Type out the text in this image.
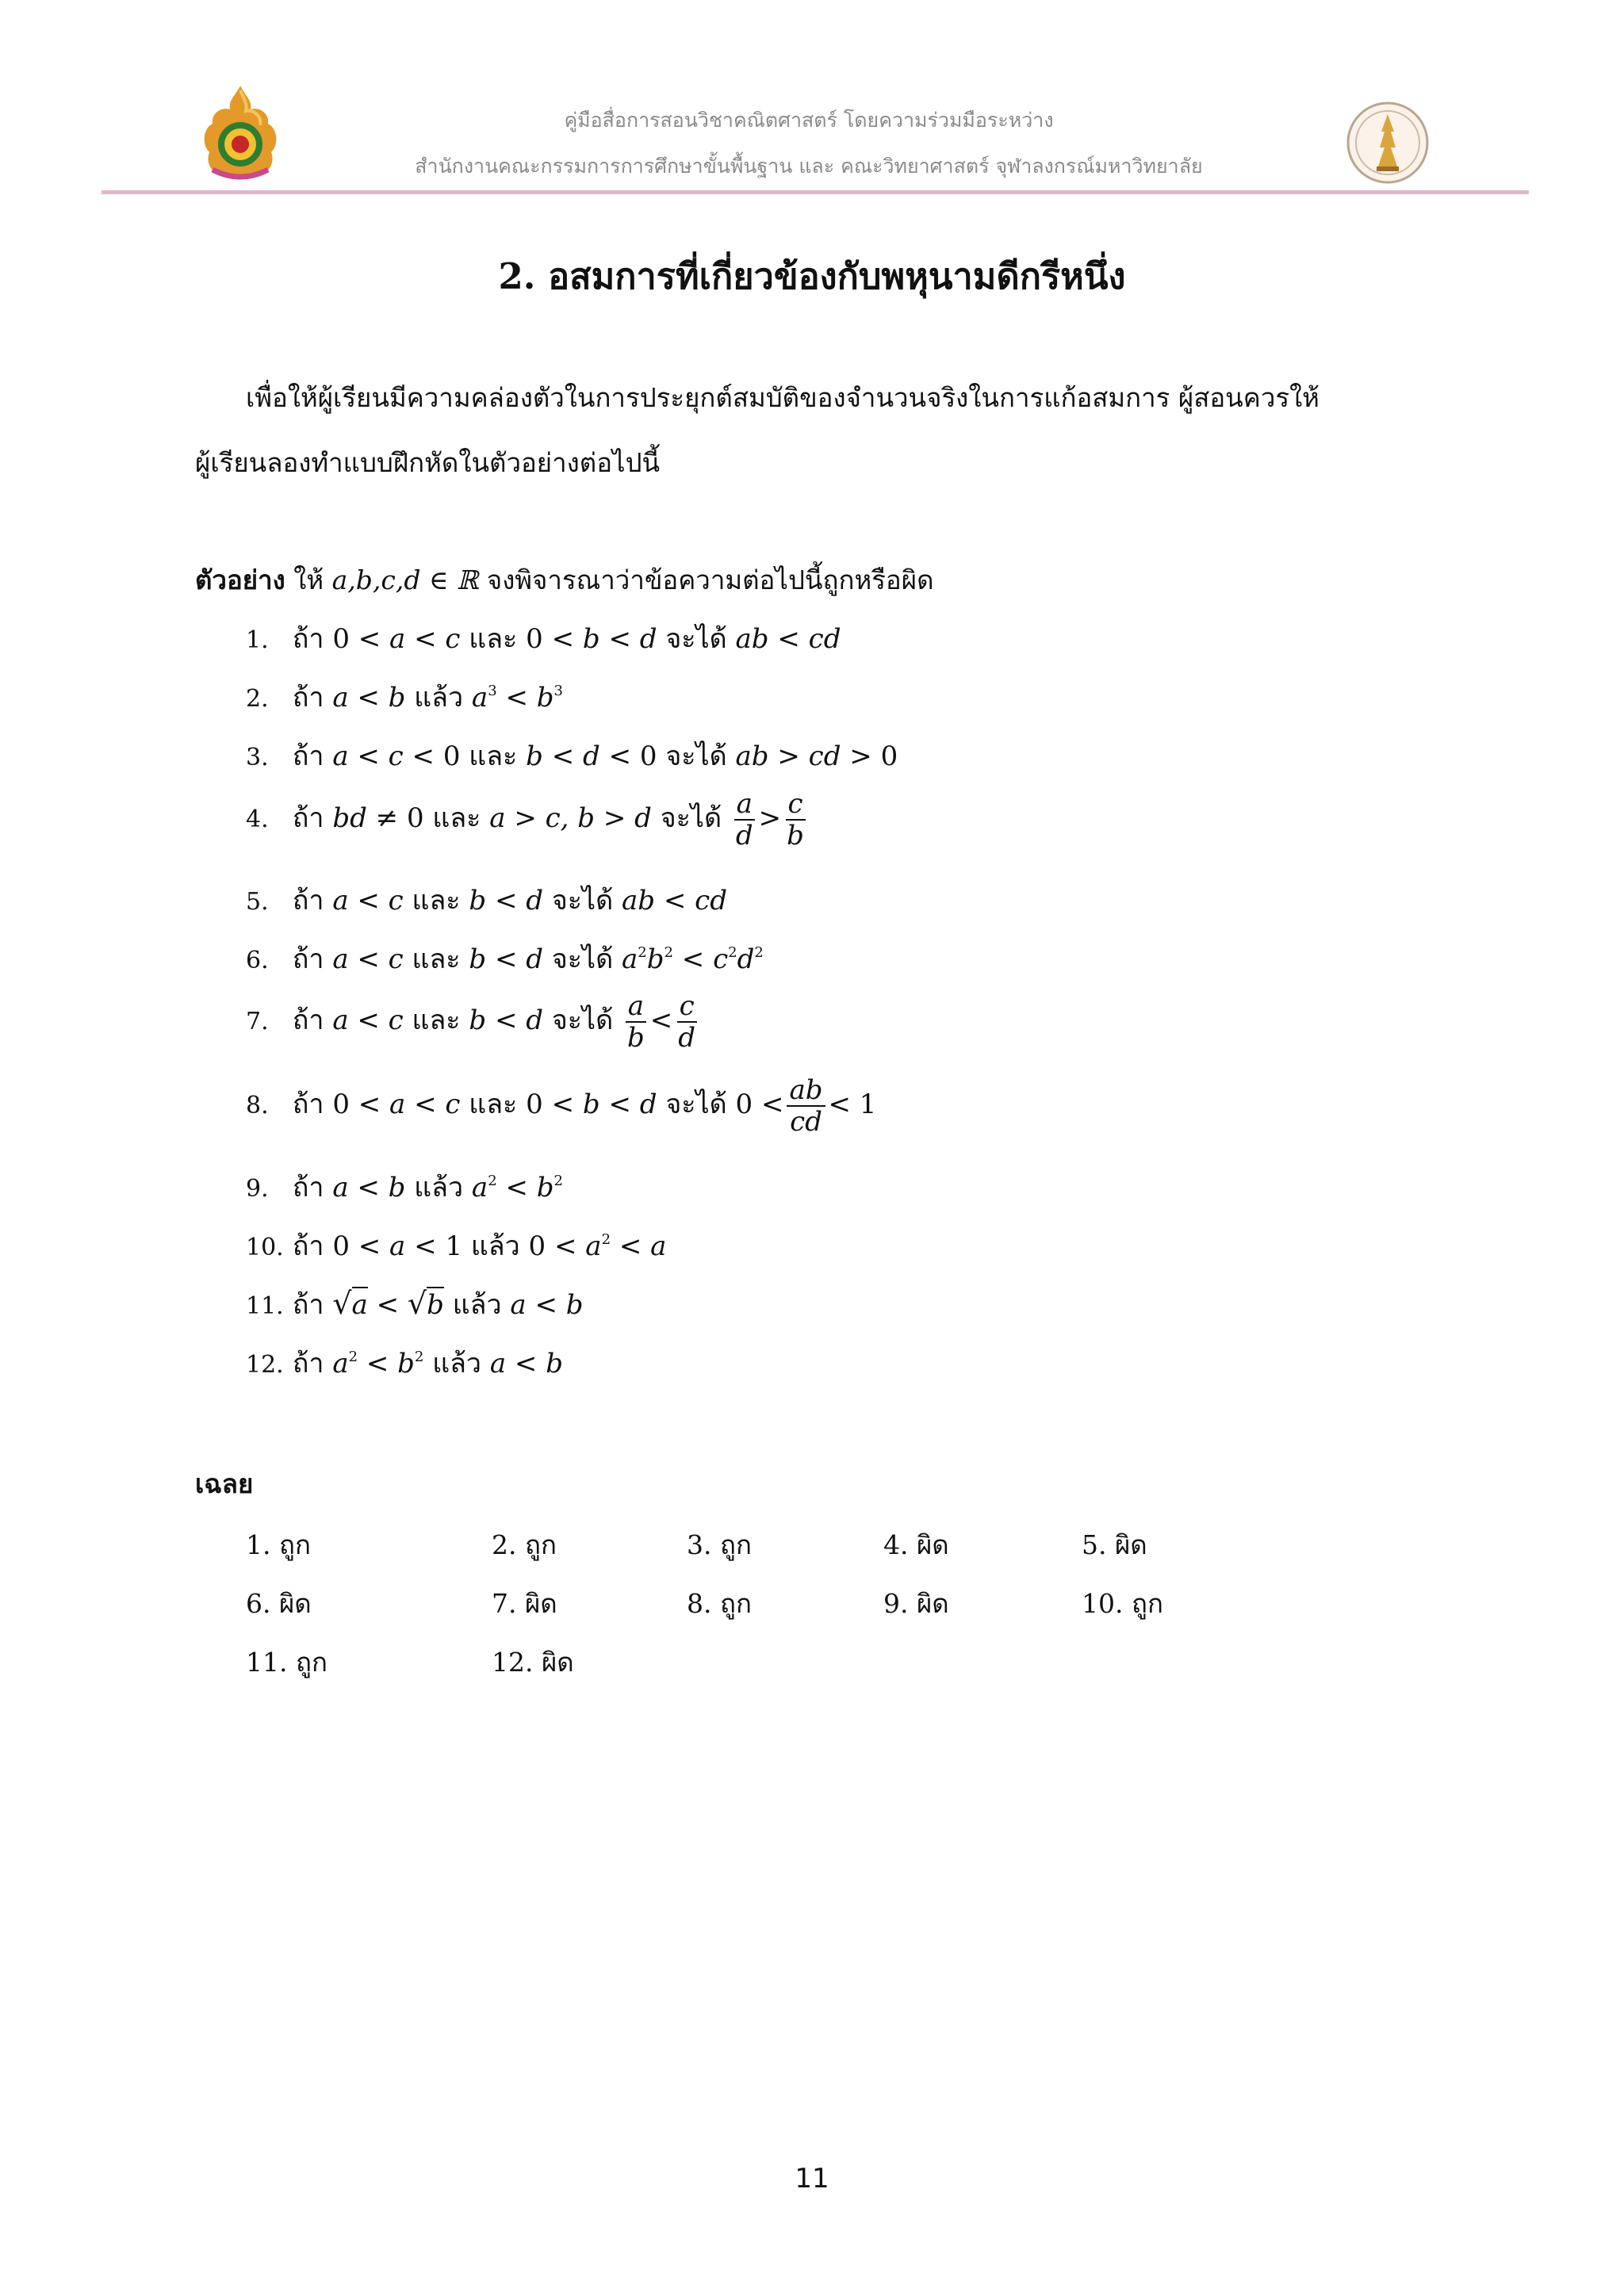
คู่มือสื่อการสอนวิชาคณิตศาสตร์ โดยความร่วมมือระหว่าง
สำนักงานคณะกรรมการการศึกษาขั้นพื้นฐาน และ คณะวิทยาศาสตร์ จุฬาลงกรณ์มหาวิทยาลัย
2. อสมการที่เกี่ยวข้องกับพหุนามดีกรีหนึ่ง
เพื่อให้ผู้เรียนมีความคล่องตัวในการประยุกต์สมบัติของจำนวนจริงในการแก้อสมการ ผู้สอนควรให้
ผู้เรียนลองทำแบบฝึกหัดในตัวอย่างต่อไปนี้
ตัวอย่าง ให้ a,b,c,d ∈ ℝ จงพิจารณาว่าข้อความต่อไปนี้ถูกหรือผิด
1. ถ้า 0 < a < c และ 0 < b < d จะได้ ab < cd
2. ถ้า a < b แล้ว $a^3 < b^3$
3. ถ้า a < c < 0 และ b < d < 0 จะได้ ab > cd > 0
4. ถ้า bd ≠ 0 และ a > c, b > d จะได้ $\frac{a}{d} > \frac{c}{b}$
5. ถ้า a < c และ b < d จะได้ ab < cd
6. ถ้า a < c และ b < d จะได้ $a^2b^2 < c^2d^2$
7. ถ้า a < c และ b < d จะได้ $\frac{a}{b} < \frac{c}{d}$
8. ถ้า 0 < a < c และ 0 < b < d จะได้ $0 < \frac{ab}{cd} < 1$
9. ถ้า a < b แล้ว $a^2 < b^2$
10. ถ้า 0 < a < 1 แล้ว $0 < a^2 < a$
11. ถ้า √a < √b แล้ว a < b
12. ถ้า $a^2 < b^2$ แล้ว a < b
เฉลย
1. ถูก	2. ถูก	3. ถูก	4. ผิด	5. ผิด
6. ผิด	7. ผิด	8. ถูก	9. ผิด	10. ถูก
11. ถูก	12. ผิด
11
